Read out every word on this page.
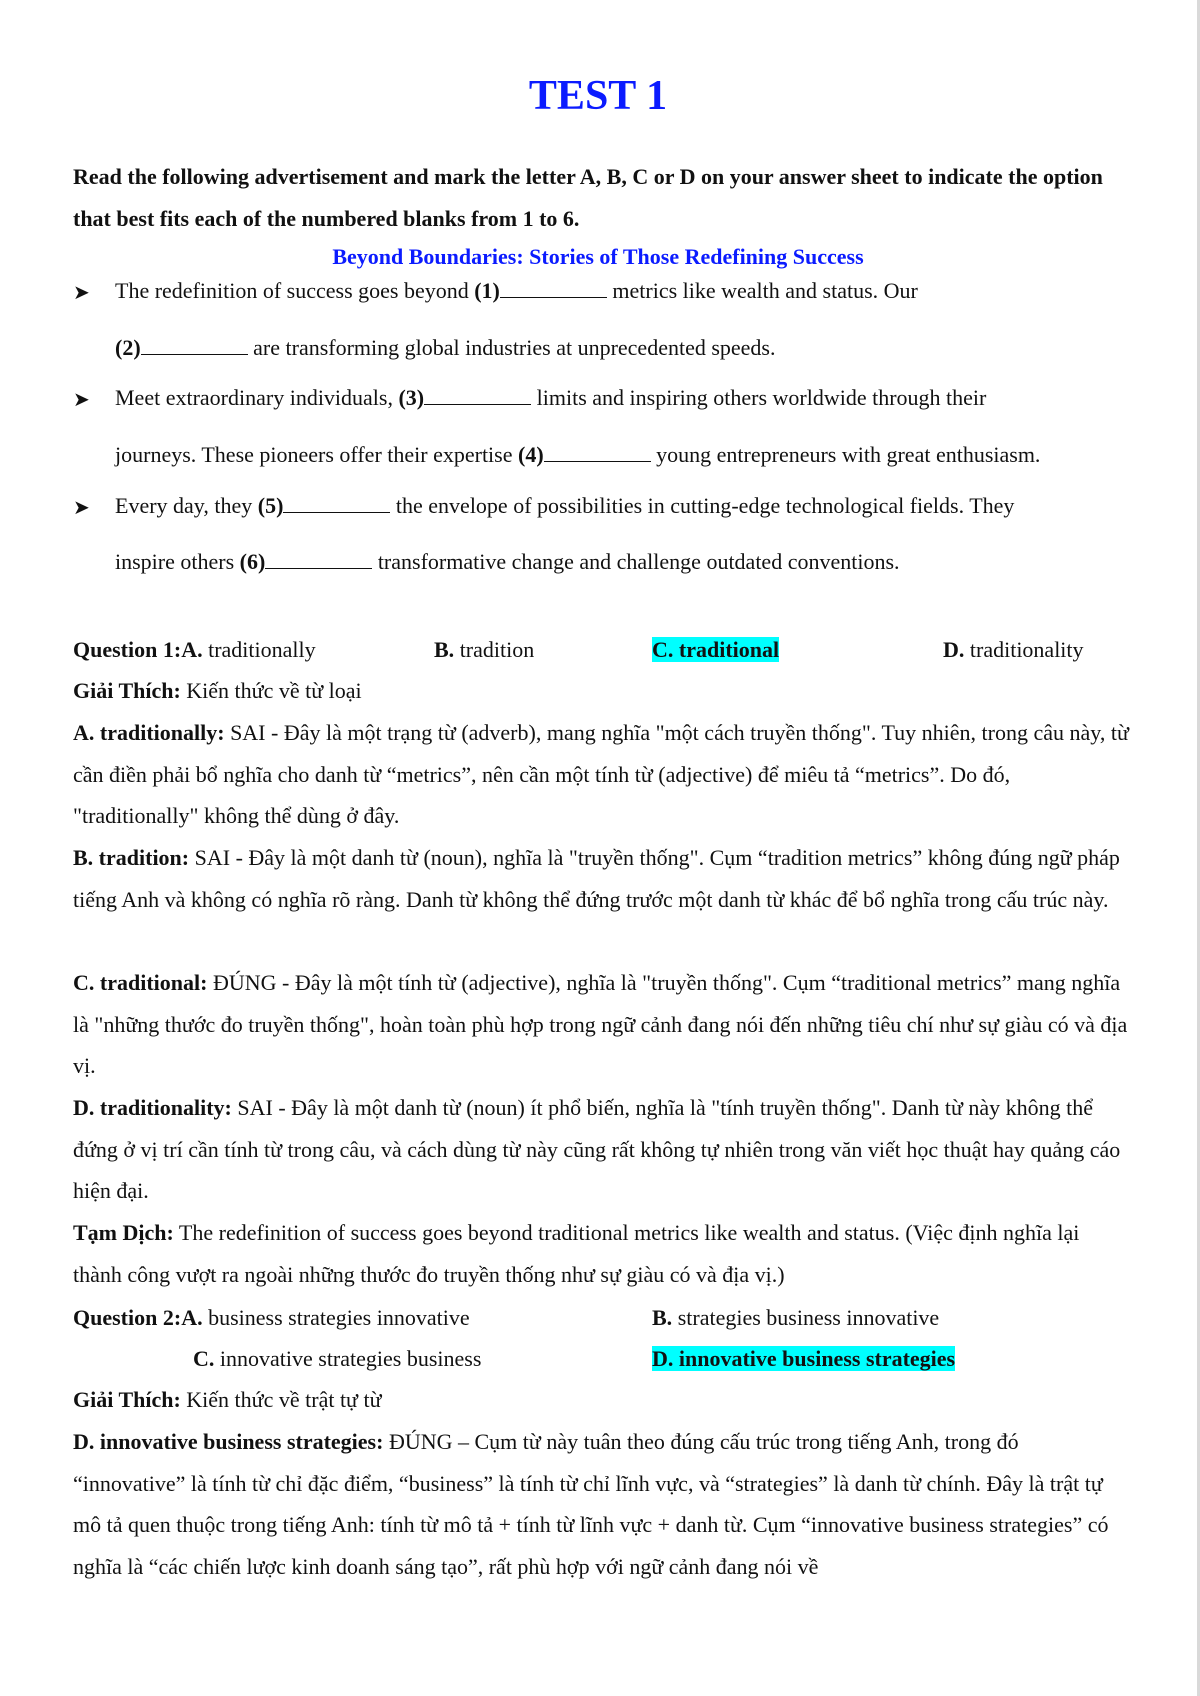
TEST 1
Read the following advertisement and mark the letter A, B, C or D on your answer sheet to indicate the option that best fits each of the numbered blanks from 1 to 6.
Beyond Boundaries: Stories of Those Redefining Success
➤ The redefinition of success goes beyond (1)	metrics like wealth and status. Our
(2)	are transforming global industries at unprecedented speeds.
➤ Meet extraordinary individuals, (3)	limits and inspiring others worldwide through their
journeys. These pioneers offer their expertise (4)	young entrepreneurs with great enthusiasm.
➤ Every day, they (5)	the envelope of possibilities in cutting-edge technological fields. They
inspire others (6)	transformative change and challenge outdated conventions.
Question 1:A. traditionally	B. tradition	C. traditional	D. traditionality
Giải Thích: Kiến thức về từ loại
A. traditionally: SAI - Đây là một trạng từ (adverb), mang nghĩa "một cách truyền thống". Tuy nhiên, trong câu này, từ cần điền phải bổ nghĩa cho danh từ “metrics”, nên cần một tính từ (adjective) để miêu tả “metrics”. Do đó, "traditionally" không thể dùng ở đây.
B. tradition: SAI - Đây là một danh từ (noun), nghĩa là "truyền thống". Cụm “tradition metrics” không đúng ngữ pháp tiếng Anh và không có nghĩa rõ ràng. Danh từ không thể đứng trước một danh từ khác để bổ nghĩa trong cấu trúc này.
C. traditional: ĐÚNG - Đây là một tính từ (adjective), nghĩa là "truyền thống". Cụm “traditional metrics” mang nghĩa là "những thước đo truyền thống", hoàn toàn phù hợp trong ngữ cảnh đang nói đến những tiêu chí như sự giàu có và địa vị.
D. traditionality: SAI - Đây là một danh từ (noun) ít phổ biến, nghĩa là "tính truyền thống". Danh từ này không thể đứng ở vị trí cần tính từ trong câu, và cách dùng từ này cũng rất không tự nhiên trong văn viết học thuật hay quảng cáo hiện đại.
Tạm Dịch: The redefinition of success goes beyond traditional metrics like wealth and status. (Việc định nghĩa lại thành công vượt ra ngoài những thước đo truyền thống như sự giàu có và địa vị.)
Question 2:A. business strategies innovative	B. strategies business innovative
C. innovative strategies business	D. innovative business strategies
Giải Thích: Kiến thức về trật tự từ
D. innovative business strategies: ĐÚNG – Cụm từ này tuân theo đúng cấu trúc trong tiếng Anh, trong đó “innovative” là tính từ chỉ đặc điểm, “business” là tính từ chỉ lĩnh vực, và “strategies” là danh từ chính. Đây là trật tự mô tả quen thuộc trong tiếng Anh: tính từ mô tả + tính từ lĩnh vực + danh từ. Cụm “innovative business strategies” có nghĩa là “các chiến lược kinh doanh sáng tạo”, rất phù hợp với ngữ cảnh đang nói về
